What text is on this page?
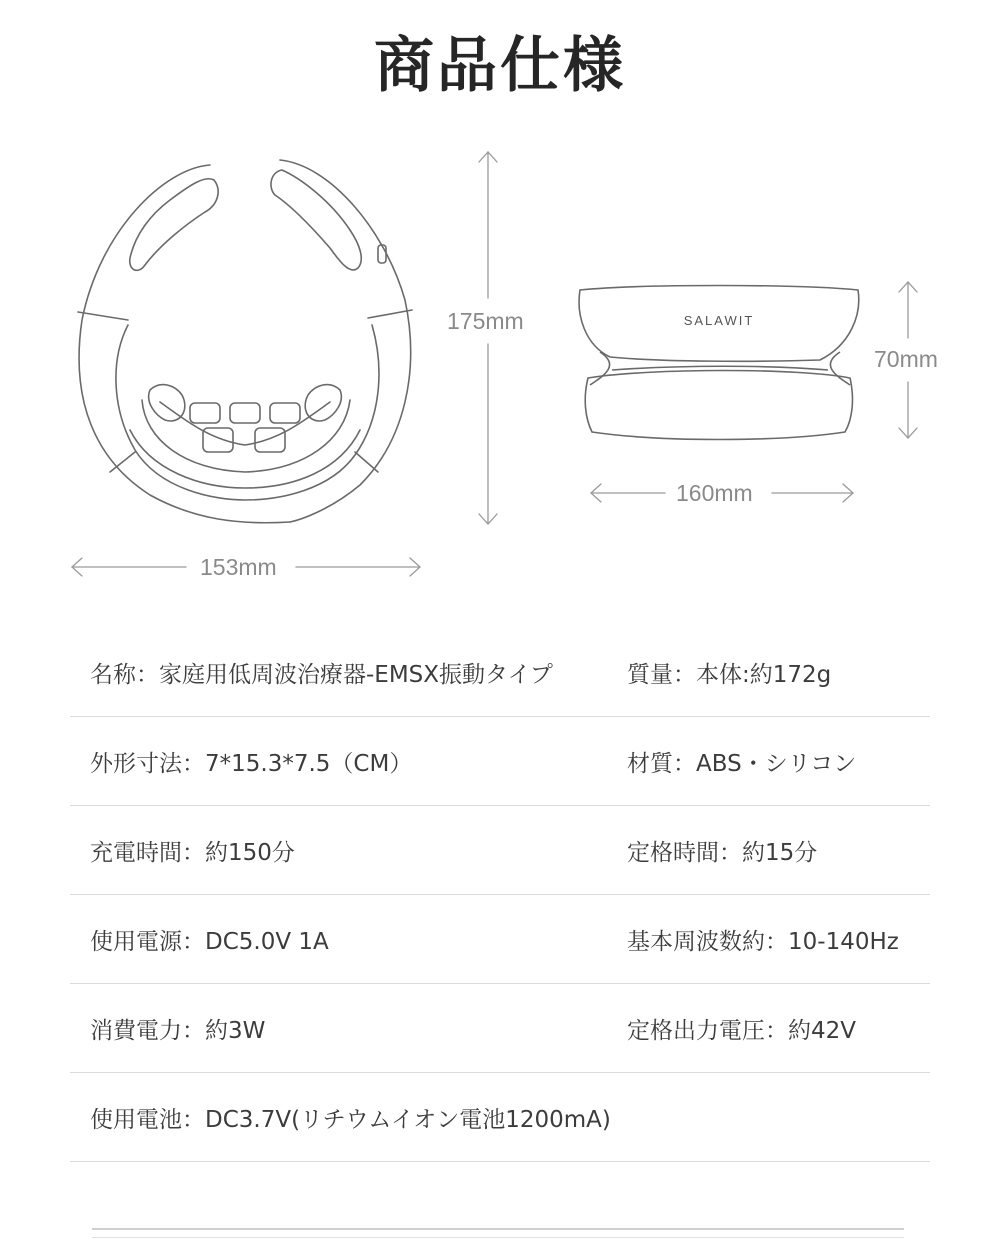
商品仕様
SALAWIT
175mm
153mm
160mm
70mm
名称：家庭用低周波治療器-EMSX振動タイプ	質量：本体:約172g
外形寸法：7*15.3*7.5（CM）	材質：ABS・シリコン
充電時間：約150分	定格時間：約15分
使用電源：DC5.0V 1A	基本周波数約：10-140Hz
消費電力：約3W	定格出力電圧：約42V
使用電池：DC3.7V(リチウムイオン電池1200mA)
